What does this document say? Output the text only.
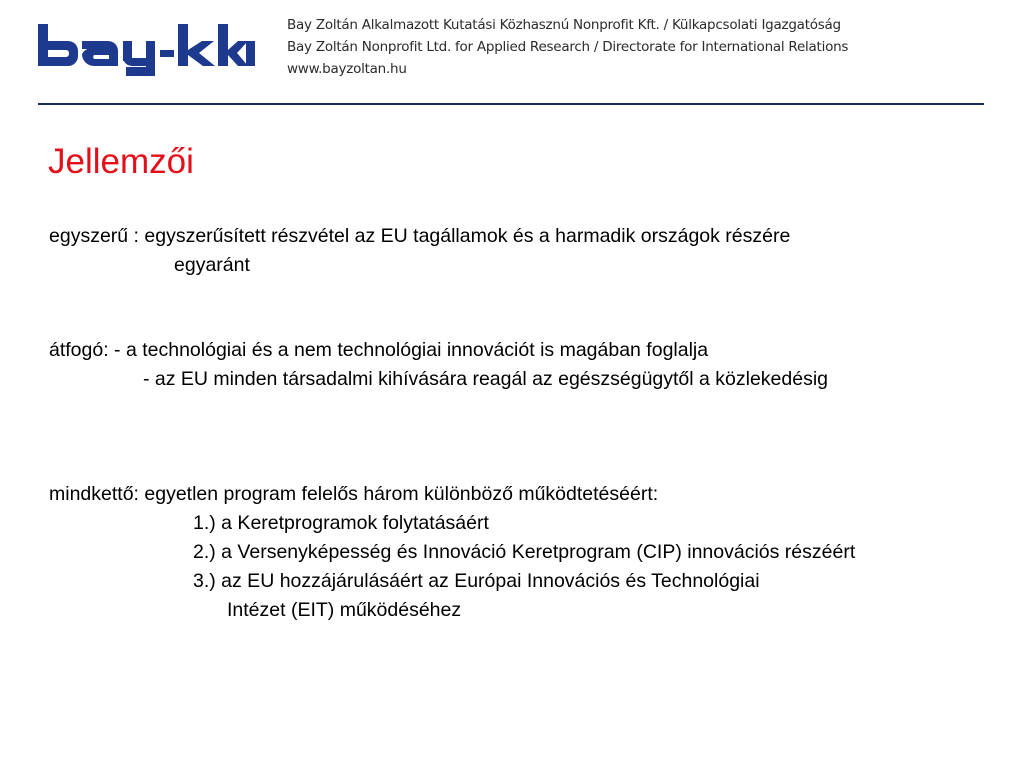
®
Bay Zoltán Alkalmazott Kutatási Közhasznú Nonprofit Kft. / Külkapcsolati Igazgatóság
Bay Zoltán Nonprofit Ltd. for Applied Research / Directorate for International Relations
www.bayzoltan.hu
Jellemzői
egyszerű : egyszerűsített részvétel az EU tagállamok és a harmadik országok részére
egyaránt
átfogó: - a technológiai és a nem technológiai innovációt is magában foglalja
- az EU minden társadalmi kihívására reagál az egészségügytől a közlekedésig
mindkettő: egyetlen program felelős három különböző működtetéséért:
1.) a Keretprogramok folytatásáért
2.) a Versenyképesség és Innováció Keretprogram (CIP) innovációs részéért
3.) az EU hozzájárulásáért az Európai Innovációs és Technológiai
Intézet (EIT) működéséhez
